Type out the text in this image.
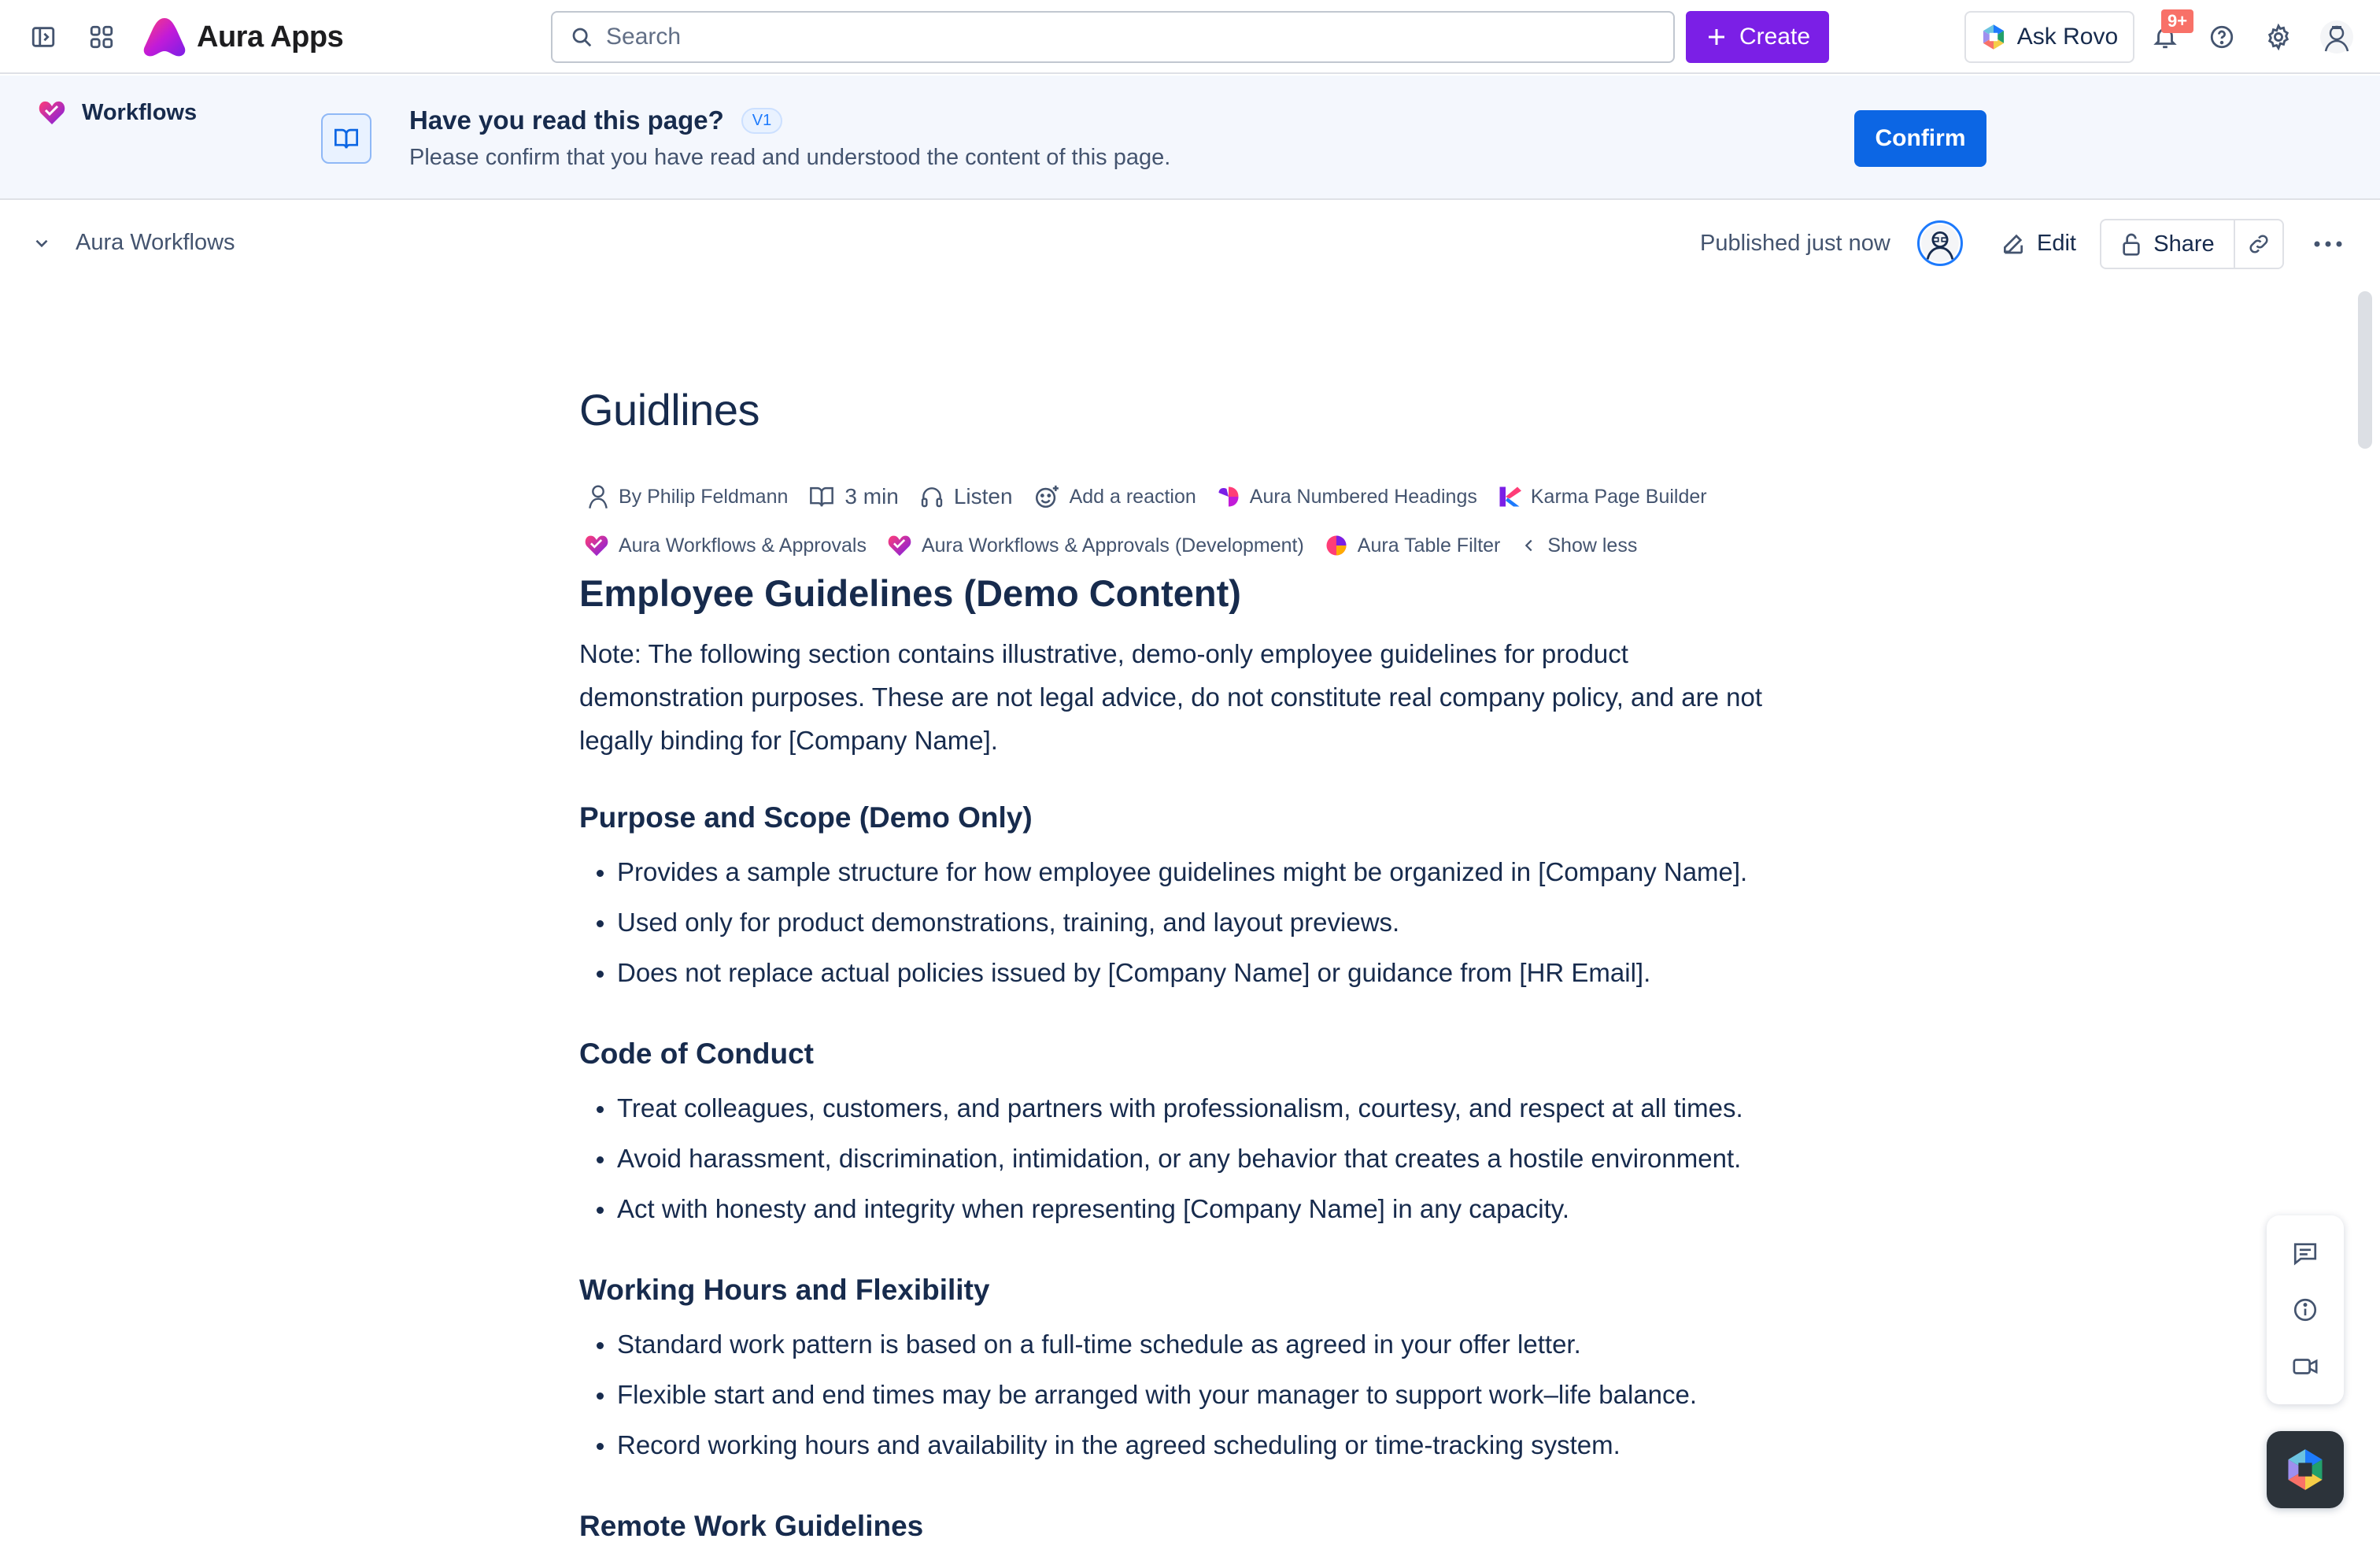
Aura Apps
Search	Create	Ask Rovo
9+
Workflows	Have you read this page?	V1
Please confirm that you have read and understood the content of this page.
Confirm
Aura Workflows	Published just now	Edit	Share
Guidlines
By Philip Feldmann	3 min	Listen	Add a reaction	Aura Numbered Headings	Karma Page Builder
Aura Workflows & Approvals	Aura Workflows & Approvals (Development)	Aura Table Filter Show less
Employee Guidelines (Demo Content)

Note: The following section contains illustrative, demo-only employee guidelines for product demonstration purposes. These are not legal advice, do not constitute real company policy, and are not legally binding for [Company Name].

Purpose and Scope (Demo Only)
Provides a sample structure for how employee guidelines might be organized in [Company Name].
Used only for product demonstrations, training, and layout previews.
Does not replace actual policies issued by [Company Name] or guidance from [HR Email].
Code of Conduct
Treat colleagues, customers, and partners with professionalism, courtesy, and respect at all times.
Avoid harassment, discrimination, intimidation, or any behavior that creates a hostile environment.
Act with honesty and integrity when representing [Company Name] in any capacity.
Working Hours and Flexibility
Standard work pattern is based on a full-time schedule as agreed in your offer letter.
Flexible start and end times may be arranged with your manager to support work–life balance.
Record working hours and availability in the agreed scheduling or time-tracking system.
Remote Work Guidelines
